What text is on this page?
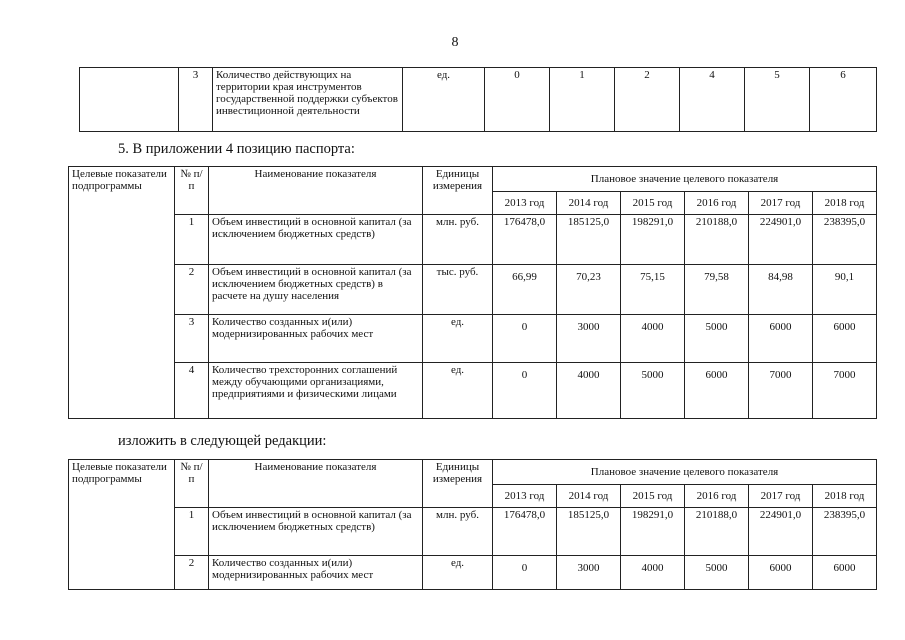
8
	3	Количество действующих на территории края инструментов государственной поддержки субъектов инвестиционной деятельности	ед.	0	1	2	4	5	6
5. В приложении 4 позицию паспорта:
Целевые показатели подпрограммы	№ п/п	Наименование показателя	Единицы измерения	Плановое значение целевого показателя					
				2013 год	2014 год	2015 год	2016 год	2017 год	2018 год
	1	Объем инвестиций в основной капитал (за исключением бюджетных средств)	млн. руб.	176478,0	185125,0	198291,0	210188,0	224901,0	238395,0
	2	Объем инвестиций в основной капитал (за исключением бюджетных средств) в расчете на душу населения	тыс. руб.	66,99	70,23	75,15	79,58	84,98	90,1
	3	Количество созданных и(или) модернизированных рабочих мест	ед.	0	3000	4000	5000	6000	6000
	4	Количество трехсторонних соглашений между обучающими организациями, предприятиями и физическими лицами	ед.	0	4000	5000	6000	7000	7000
изложить в следующей редакции:
Целевые показатели подпрограммы	№ п/п	Наименование показателя	Единицы измерения	Плановое значение целевого показателя					
				2013 год	2014 год	2015 год	2016 год	2017 год	2018 год
	1	Объем инвестиций в основной капитал (за исключением бюджетных средств)	млн. руб.	176478,0	185125,0	198291,0	210188,0	224901,0	238395,0
	2	Количество созданных и(или) модернизированных рабочих мест	ед.	0	3000	4000	5000	6000	6000
